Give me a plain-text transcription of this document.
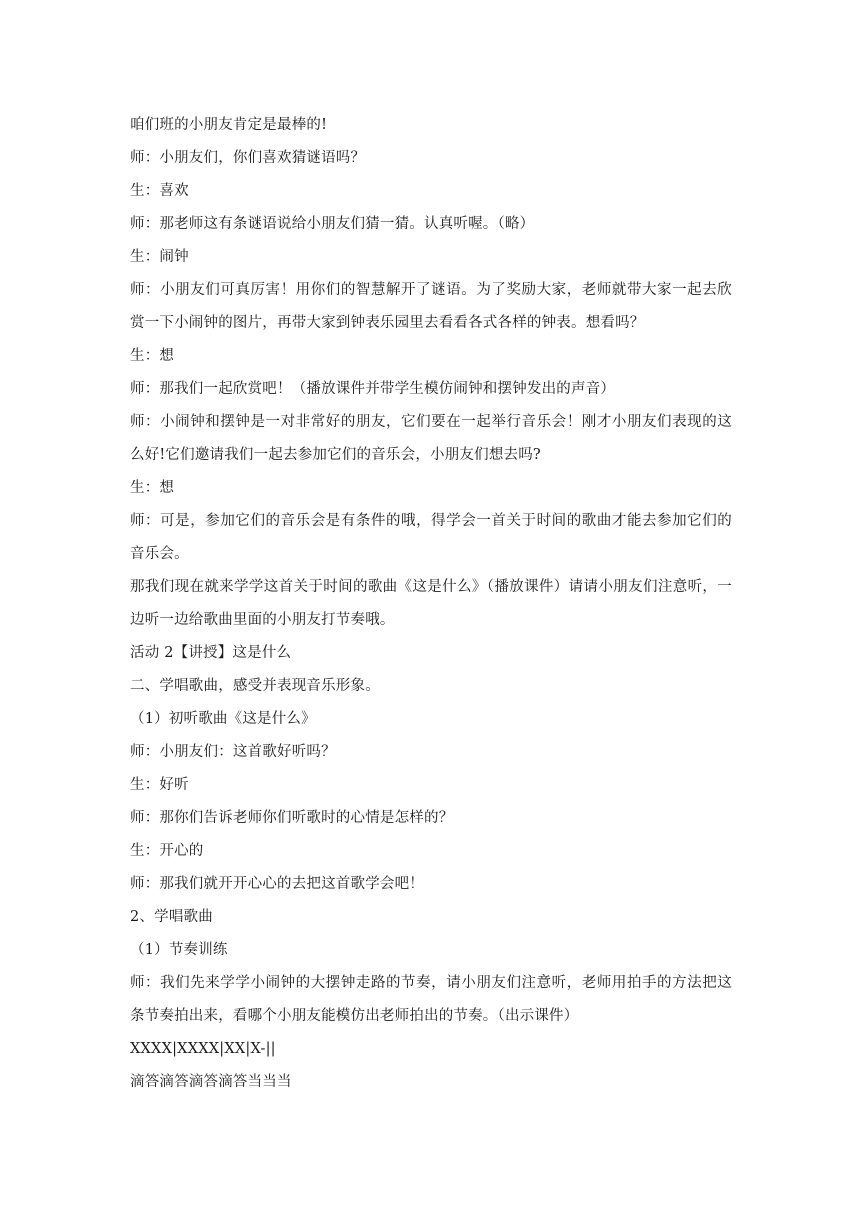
咱们班的小朋友肯定是最棒的!

师：小朋友们，你们喜欢猜谜语吗？

生：喜欢

师：那老师这有条谜语说给小朋友们猜一猜。认真听喔。（略）

生：闹钟

师：小朋友们可真厉害！用你们的智慧解开了谜语。为了奖励大家，老师就带大家一起去欣赏一下小闹钟的图片，再带大家到钟表乐园里去看看各式各样的钟表。想看吗？

生：想

师：那我们一起欣赏吧！（播放课件并带学生模仿闹钟和摆钟发出的声音）

师：小闹钟和摆钟是一对非常好的朋友，它们要在一起举行音乐会！刚才小朋友们表现的这么好!它们邀请我们一起去参加它们的音乐会，小朋友们想去吗?

生：想

师：可是，参加它们的音乐会是有条件的哦，得学会一首关于时间的歌曲才能去参加它们的音乐会。

那我们现在就来学学这首关于时间的歌曲《这是什么》（播放课件）请请小朋友们注意听，一边听一边给歌曲里面的小朋友打节奏哦。

活动 2【讲授】这是什么

二、学唱歌曲，感受并表现音乐形象。

（1）初听歌曲《这是什么》

师：小朋友们：这首歌好听吗？

生：好听

师：那你们告诉老师你们听歌时的心情是怎样的？

生：开心的

师：那我们就开开心心的去把这首歌学会吧！

2、学唱歌曲

（1）节奏训练

师：我们先来学学小闹钟的大摆钟走路的节奏，请小朋友们注意听，老师用拍手的方法把这条节奏拍出来，看哪个小朋友能模仿出老师拍出的节奏。（出示课件）

XXXX|XXXX|XX|X-||

滴答滴答滴答滴答当当当
